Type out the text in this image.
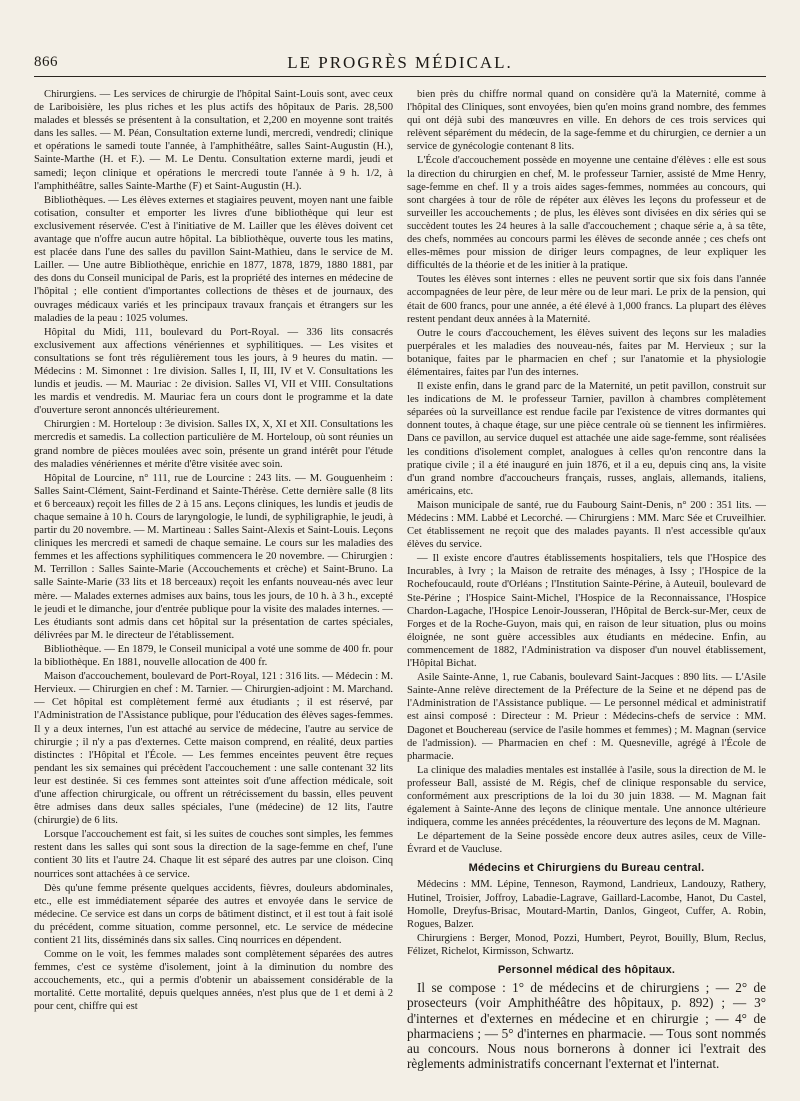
866	LE PROGRÈS MÉDICAL.

Chirurgiens. — Les services de chirurgie de l'hôpital Saint-Louis sont, avec ceux de Lariboisière, les plus riches et les plus actifs des hôpitaux de Paris. 28,500 malades et blessés se présentent à la consultation, et 2,200 en moyenne sont traités dans les salles. — M. Péan, Consultation externe lundi, mercredi, vendredi; clinique et opérations le samedi toute l'année, à l'amphithéâtre, salles Saint-Augustin (H.), Sainte-Marthe (H. et F.). — M. Le Dentu. Consultation externe mardi, jeudi et samedi; leçon clinique et opérations le mercredi toute l'année à 9 h. 1/2, à l'amphithéâtre, salles Sainte-Marthe (F) et Saint-Augustin (H.).

Bibliothèques. — Les élèves externes et stagiaires peuvent, moyen nant une faible cotisation, consulter et emporter les livres d'une bibliothèque qui leur est exclusivement réservée. C'est à l'initiative de M. Lailler que les élèves doivent cet avantage que n'offre aucun autre hôpital. La bibliothèque, ouverte tous les matins, est placée dans l'une des salles du pavillon Saint-Mathieu, dans le service de M. Lailler. — Une autre Bibliothèque, enrichie en 1877, 1878, 1879, 1880 1881, par des dons du Conseil municipal de Paris, est la propriété des internes en médecine de l'hôpital ; elle contient d'importantes collections de thèses et de journaux, des ouvrages médicaux variés et les principaux travaux français et étrangers sur les maladies de la peau : 1025 volumes.

Hôpital du Midi, 111, boulevard du Port-Royal. — 336 lits consacrés exclusivement aux affections vénériennes et syphilitiques. — Les visites et consultations se font très régulièrement tous les jours, à 9 heures du matin. — Médecins : M. Simonnet : 1re division. Salles I, II, III, IV et V. Consultations les lundis et jeudis. — M. Mauriac : 2e division. Salles VI, VII et VIII. Consultations les mardis et vendredis. M. Mauriac fera un cours dont le programme et la date d'ouverture seront annoncés ultérieurement.

Chirurgien : M. Horteloup : 3e division. Salles IX, X, XI et XII. Consultations les mercredis et samedis. La collection particulière de M. Horteloup, où sont réunies un grand nombre de pièces moulées avec soin, présente un grand intérêt pour l'étude des maladies vénériennes et mérite d'être visitée avec soin.

Hôpital de Lourcine, n° 111, rue de Lourcine : 243 lits. — M. Gouguenheim : Salles Saint-Clément, Saint-Ferdinand et Sainte-Thérèse. Cette dernière salle (8 lits et 6 berceaux) reçoit les filles de 2 à 15 ans. Leçons cliniques, les lundis et jeudis de chaque semaine à 10 h. Cours de laryngologie, le lundi, de syphiligraphie, le jeudi, à partir du 20 novembre. — M. Martineau : Salles Saint-Alexis et Saint-Louis. Leçons cliniques les mercredi et samedi de chaque semaine. Le cours sur les maladies des femmes et les affections syphilitiques commencera le 20 novembre. — Chirurgien : M. Terrillon : Salles Sainte-Marie (Accouchements et crèche) et Saint-Bruno. La salle Sainte-Marie (33 lits et 18 berceaux) reçoit les enfants nouveau-nés avec leur mère. — Malades externes admises aux bains, tous les jours, de 10 h. à 3 h., excepté le jeudi et le dimanche, jour d'entrée publique pour la visite des malades internes. — Les étudiants sont admis dans cet hôpital sur la présentation de cartes spéciales, délivrées par M. le directeur de l'établissement.

Bibliothèque. — En 1879, le Conseil municipal a voté une somme de 400 fr. pour la bibliothèque. En 1881, nouvelle allocation de 400 fr.

Maison d'accouchement, boulevard de Port-Royal, 121 : 316 lits. — Médecin : M. Hervieux. — Chirurgien en chef : M. Tarnier. — Chirurgien-adjoint : M. Marchand. — Cet hôpital est complètement fermé aux étudiants ; il est réservé, par l'Administration de l'Assistance publique, pour l'éducation des élèves sages-femmes. Il y a deux internes, l'un est attaché au service de médecine, l'autre au service de chirurgie ; il n'y a pas d'externes. Cette maison comprend, en réalité, deux parties distinctes : l'Hôpital et l'École. — Les femmes enceintes peuvent être reçues pendant les six semaines qui précèdent l'accouchement : une salle contenant 32 lits leur est destinée. Si ces femmes sont atteintes soit d'une affection médicale, soit d'une affection chirurgicale, ou offrent un rétrécissement du bassin, elles peuvent être admises dans deux salles spéciales, l'une (médecine) de 12 lits, l'autre (chirurgie) de 6 lits.

Lorsque l'accouchement est fait, si les suites de couches sont simples, les femmes restent dans les salles qui sont sous la direction de la sage-femme en chef, l'une contient 30 lits et l'autre 24. Chaque lit est séparé des autres par une cloison. Cinq nourrices sont attachées à ce service.

Dès qu'une femme présente quelques accidents, fièvres, douleurs abdominales, etc., elle est immédiatement séparée des autres et envoyée dans le service de médecine. Ce service est dans un corps de bâtiment distinct, et il est tout à fait isolé du précédent, comme situation, comme personnel, etc. Le service de médecine contient 21 lits, disséminés dans six salles. Cinq nourrices en dépendent.

Comme on le voit, les femmes malades sont complètement séparées des autres femmes, c'est ce système d'isolement, joint à la diminution du nombre des accouchements, etc., qui a permis d'obtenir un abaissement considérable de la mortalité. Cette mortalité, depuis quelques années, n'est plus que de 1 et demi à 2 pour cent, chiffre qui est

bien près du chiffre normal quand on considère qu'à la Maternité, comme à l'hôpital des Cliniques, sont envoyées, bien qu'en moins grand nombre, des femmes qui ont déjà subi des manœuvres en ville. En dehors de ces trois services qui relèvent séparément du médecin, de la sage-femme et du chirurgien, ce dernier a un service de gynécologie contenant 8 lits.

L'École d'accouchement possède en moyenne une centaine d'élèves : elle est sous la direction du chirurgien en chef, M. le professeur Tarnier, assisté de Mme Henry, sage-femme en chef. Il y a trois aides sages-femmes, nommées au concours, qui sont chargées à tour de rôle de répéter aux élèves les leçons du professeur et de surveiller les accouchements ; de plus, les élèves sont divisées en dix séries qui se succèdent toutes les 24 heures à la salle d'accouchement ; chaque série a, à sa tête, des chefs, nommées au concours parmi les élèves de seconde année ; ces chefs ont elles-mêmes pour mission de diriger leurs compagnes, de leur expliquer les difficultés de la théorie et de les initier à la pratique.

Toutes les élèves sont internes : elles ne peuvent sortir que six fois dans l'année accompagnées de leur père, de leur mère ou de leur mari. Le prix de la pension, qui était de 600 francs, pour une année, a été élevé à 1,000 francs. La plupart des élèves restent pendant deux années à la Maternité.

Outre le cours d'accouchement, les élèves suivent des leçons sur les maladies puerpérales et les maladies des nouveau-nés, faites par M. Hervieux ; sur la botanique, faites par le pharmacien en chef ; sur l'anatomie et la physiologie élémentaires, faites par l'un des internes.

Il existe enfin, dans le grand parc de la Maternité, un petit pavillon, construit sur les indications de M. le professeur Tarnier, pavillon à chambres complètement séparées où la surveillance est rendue facile par l'existence de vitres dormantes qui donnent toutes, à chaque étage, sur une pièce centrale où se tiennent les infirmières. Dans ce pavillon, au service duquel est attachée une aide sage-femme, sont réalisées les conditions d'isolement complet, analogues à celles qu'on rencontre dans la pratique civile ; il a été inauguré en juin 1876, et il a eu, depuis cinq ans, la visite d'un grand nombre d'accoucheurs français, russes, anglais, allemands, italiens, américains, etc.

Maison municipale de santé, rue du Faubourg Saint-Denis, n° 200 : 351 lits. — Médecins : MM. Labbé et Lecorché. — Chirurgiens : MM. Marc Sée et Cruveilhier. Cet établissement ne reçoit que des malades payants. Il n'est accessible qu'aux élèves du service.

— Il existe encore d'autres établissements hospitaliers, tels que l'Hospice des Incurables, à Ivry ; la Maison de retraite des ménages, à Issy ; l'Hospice de la Rochefoucauld, route d'Orléans ; l'Institution Sainte-Périne, à Auteuil, boulevard de Ste-Périne ; l'Hospice Saint-Michel, l'Hospice de la Reconnaissance, l'Hospice Chardon-Lagache, l'Hospice Lenoir-Jousseran, l'Hôpital de Berck-sur-Mer, ceux de Forges et de la Roche-Guyon, mais qui, en raison de leur situation, plus ou moins éloignée, ne sont guère accessibles aux étudiants en médecine. Enfin, au commencement de 1882, l'Administration va disposer d'un nouvel établissement, l'Hôpital Bichat.

Asile Sainte-Anne, 1, rue Cabanis, boulevard Saint-Jacques : 890 lits. — L'Asile Sainte-Anne relève directement de la Préfecture de la Seine et ne dépend pas de l'Administration de l'Assistance publique. — Le personnel médical et administratif est ainsi composé : Directeur : M. Prieur : Médecins-chefs de service : MM. Dagonet et Bouchereau (service de l'asile hommes et femmes) ; M. Magnan (service de l'admission). — Pharmacien en chef : M. Quesneville, agrégé à l'École de pharmacie.

La clinique des maladies mentales est installée à l'asile, sous la direction de M. le professeur Ball, assisté de M. Régis, chef de clinique responsable du service, conformément aux prescriptions de la loi du 30 juin 1838. — M. Magnan fait également à Sainte-Anne des leçons de clinique mentale. Une annonce ultérieure indiquera, comme les années précédentes, la réouverture des leçons de M. Magnan.

Le département de la Seine possède encore deux autres asiles, ceux de Ville-Évrard et de Vaucluse.

Médecins et Chirurgiens du Bureau central.

Médecins : MM. Lépine, Tenneson, Raymond, Landrieux, Landouzy, Rathery, Hutinel, Troisier, Joffroy, Labadie-Lagrave, Gaillard-Lacombe, Hanot, Du Castel, Homolle, Dreyfus-Brisac, Moutard-Martin, Danlos, Gingeot, Cuffer, A. Robin, Rogues, Balzer.

Chirurgiens : Berger, Monod, Pozzi, Humbert, Peyrot, Bouilly, Blum, Reclus, Félizet, Richelot, Kirmisson, Schwartz.

Personnel médical des hôpitaux.

Il se compose : 1° de médecins et de chirurgiens ; — 2° de prosecteurs (voir Amphithéâtre des hôpitaux, p. 892) ; — 3° d'internes et d'externes en médecine et en chirurgie ; — 4° de pharmaciens ; — 5° d'internes en pharmacie. — Tous sont nommés au concours. Nous nous bornerons à donner ici l'extrait des règlements administratifs concernant l'externat et l'internat.
